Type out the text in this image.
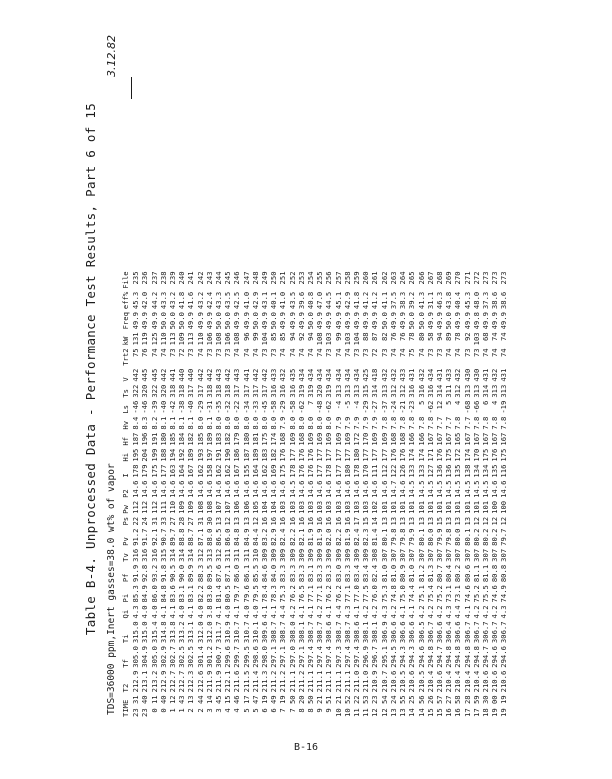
Table B-4. Unprocessed Data - Performance Test Results, Part 6 of 15 TDS=36000 ppm,Inert gasses=38.0 wt% of vapor
3.12.82
TIME	T2	Tf	Ti	Qi	Pi	Pf	Tv	Pv	Ps	Pw	P2	I	Hi	Hf	Hv	Ls	Ts	V	Trt2	kW	Freq	eff%	File
23 31	212.9	305.0	315.0	4.3	85.3	91.9	316	91.2	22	112	14.6	178	195	187	8.4	-46	322	442	75	131	49.9	45.3	235
23 40	213.1	304.9	315.0	4.0	84.9	92.8	316	91.7	24	112	14.6	179	204	196	8.3	-46	320	445	76	119	49.9	42.0	236
0 11	213.2	305.0	315.4	4.0	86.0	93.2	316	92.1	31	112	14.6	175	199	191	8.2	-39	322	445	74	125	49.9	44.2	237
0 40	212.9	302.9	314.8	4.1	84.8	91.8	315	90.7	33	111	14.6	177	188	180	8.1	-40	320	442	74	110	50.0	43.3	238
1 12	212.7	302.7	313.8	4.1	83.6	90.5	314	89.7	27	110	14.6	163	194	185	8.1	-42	318	441	73	113	50.0	43.2	239
1 43	212.7	302.5	313.2	4.0	83.1	90.0	314	88.8	28	109	14.6	164	192	184	8.1	-38	318	440	72	109	50.0	41.8	240
2 13	212.3	302.5	313.1	4.1	83.1	89.9	314	88.7	27	109	14.6	167	189	182	8.1	-40	317	440	73	113	49.9	41.6	241
2 44	212.6	301.4	312.0	4.0	82.2	88.3	312	87.1	31	108	14.6	162	193	185	8.0	-29	317	442	74	110	49.9	43.2	242
3 14	211.9	301.2	312.0	3.8	83.0	89.5	313	88.0	30	108	14.6	158	197	189	8.1	-31	318	442	73	106	49.9	42.4	243
3 45	211.9	300.7	311.7	4.1	81.4	87.6	312	86.5	13	107	14.6	162	191	183	8.0	-35	318	443	73	108	50.0	43.3	244
4 15	212.1	299.6	310.9	4.0	80.5	87.1	311	86.0	12	107	14.6	162	190	182	8.0	-32	318	442	73	106	50.0	43.5	245
4 46	211.6	299.7	310.7	4.1	79.7	86.0	311	84.8	13	106	14.6	167	186	179	8.0	-22	317	443	74	108	49.9	42.5	246
5 17	211.5	299.5	310.7	4.0	79.6	86.1	311	84.9	13	106	14.6	155	187	180	8.0	-34	317	441	74	96	49.9	41.0	247
5 47	211.4	298.6	310.1	4.0	79.5	85.5	310	84.4	12	105	14.6	164	189	181	8.0	-33	317	442	74	99	50.0	42.9	248
6 19	211.3	298.0	309.6	4.1	78.4	84.6	309	83.2	16	104	14.6	162	183	175	8.0	-45	317	442	73	104	49.9	43.1	249
6 49	211.2	297.1	308.7	4.1	78.3	84.0	309	82.9	16	104	14.6	169	182	174	8.0	-58	316	433	73	85	50.0	40.1	250
7 19	211.2	297.1	308.7	4.4	75.3	83.3	309	82.4	16	103	14.6	175	176	168	7.9	-29	316	432	74	85	49.9	41.0	251
7 50	211.1	297.0	308.0	4.2	76.2	83.3	309	82.2	16	103	14.5	178	177	169	8.0	-58	316	435	74	94	49.9	43.5	252
8 20	211.2	297.1	308.1	4.1	76.5	83.3	309	82.1	16	103	14.6	176	176	168	8.0	-62	319	434	74	92	49.9	39.6	253
8 50	211.1	297.4	308.7	4.1	77.1	83.1	309	81.9	16	103	14.6	176	176	169	8.0	7	319	434	74	94	50.0	40.8	254
9 21	211.1	297.4	308.7	4.2	77.1	83.3	309	81.9	16	103	14.6	177	177	169	8.0	-48	320	434	74	108	49.9	47.0	255
9 51	211.1	297.4	308.6	4.1	76.2	83.3	309	82.0	16	103	14.6	178	177	169	8.0	-62	319	434	73	103	49.9	44.5	256
10 21	211.1	297.3	308.7	4.4	76.2	83.0	309	82.2	16	103	14.6	177	177	169	7.9	-4	313	434	74	99	49.9	45.1	257
10 52	211.1	297.4	308.7	4.3	77.1	83.3	309	81.9	16	103	14.6	180	177	169	7.9	-5	313	434	74	103	49.9	42.9	258
11 22	211.0	297.4	308.6	4.1	77.0	83.4	309	82.4	17	103	14.6	178	180	172	7.9	-4	313	434	73	104	49.9	41.8	259
11 53	211.0	296.9	308.1	4.2	77.5	83.4	309	82.3	15	103	14.6	170	177	170	7.9	-29	315	425	73	88	49.9	41.2	260
12 23	210.9	296.7	308.1	4.2	76.0	82.4	308	81.4	14	102	14.6	111	177	169	7.9	-27	314	418	72	87	49.9	41.2	261
12 54	210.7	295.1	306.9	4.3	75.3	81.0	307	80.1	13	101	14.6	112	177	169	7.8	-37	313	432	73	82	50.0	41.1	262
13 24	210.6	294.5	306.6	4.2	74.8	81.0	307	79.8	13	101	14.7	122	176	168	7.8	-24	312	432	74	76	49.9	37.5	263
13 55	210.5	294.3	306.6	4.1	75.0	80.9	307	79.8	13	101	14.6	126	176	168	7.8	-21	312	433	74	76	49.9	38.3	264
14 25	210.6	294.3	306.6	4.1	74.4	81.0	307	79.9	13	101	14.5	133	174	166	7.8	-23	316	431	75	78	50.0	39.2	265
14 56	210.5	294.6	306.5	4.2	75.1	81.2	307	80.1	13	101	14.5	133	174	166	7.8	5	316	432	74	80	50.0	41.3	266
15 26	210.4	294.8	306.7	4.2	75.4	81.3	307	80.0	13	101	14.5	127	171	167	7.8	-62	316	434	73	58	49.9	31.1	267
15 57	210.6	294.7	306.6	4.2	75.2	80.7	307	79.9	15	101	14.5	136	176	167	7.7	12	314	431	73	94	49.9	46.3	268
16 27	210.4	294.8	306.4	4.3	73.1	80.4	307	79.8	13	101	14.5	136	175	167	7.7	5	311	433	74	89	50.0	43.8	269
16 58	210.4	294.8	306.6	4.4	73.1	80.2	307	80.0	13	101	14.5	135	172	165	7.8	4	312	432	74	78	49.9	40.4	270
17 28	210.4	294.8	306.7	4.1	74.6	80.6	307	80.1	13	101	14.5	138	174	167	7.7	-68	313	430	73	92	49.9	45.3	271
17 59	210.4	294.8	306.7	4.2	75.2	81.1	307	80.2	12	101	14.5	134	170	167	7.8	-66	313	430	73	103	49.8	48.0	272
18 30	210.6	294.7	306.7	4.2	75.5	81.1	307	80.2	12	101	14.5	134	175	167	7.8	6	314	431	74	68	49.9	37.3	273
19 00	210.6	294.6	306.7	4.2	74.6	80.8	307	80.2	12	100	14.6	135	176	167	7.8	4	313	432	74	74	49.9	38.6	273
19 19	210.6	294.6	306.7	4.3	74.9	80.8	307	79.7	12	100	14.6	116	175	167	7.8	-19	313	431	74	74	49.9	38.6	273
B-16
